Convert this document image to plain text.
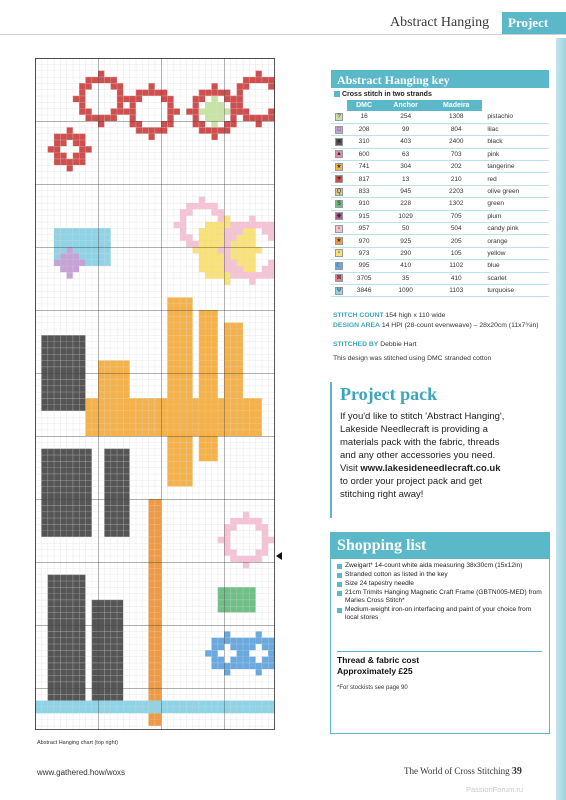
Abstract Hanging	Project
Abstract Hanging chart (top right)
Abstract Hanging key
Cross stitch in two strands
	DMC	Anchor	Madeira	
?	16	254	1308	pistachio
□	208	99	804	lilac
■	310	403	2400	black
▲	600	63	703	pink
★	741	304	202	tangerine
♥	817	13	210	red
Q	833	945	2203	olive green
$	910	228	1302	green
◆	915	1029	705	plum
♀	957	50	504	candy pink
★	970	925	205	orange
♀	973	290	105	yellow
☾	995	410	1102	blue
⊠	3705	35	410	scarlet
Ψ	3846	1090	1103	turquoise
STITCH COUNT 154 high x 110 wide
DESIGN AREA 14 HPI (28-count evenweave) – 28x20cm (11x7¾in)
STITCHED BY Debbie Hart
This design was stitched using DMC stranded cotton
Project pack
If you'd like to stitch 'Abstract Hanging', Lakeside Needlecraft is providing a materials pack with the fabric, threads and any other accessories you need. Visit www.lakesideneedlecraft.co.uk to order your project pack and get stitching right away!
Shopping list
Zweigart* 14-count white aida measuring 38x30cm (15x12in)
Stranded cotton as listed in the key
Size 24 tapestry needle
21cm Trimits Hanging Magnetic Craft Frame (GBTN005-MED) from Maries Cross Stitch*
Medium-weight iron-on interfacing and paint of your choice from local stores
Thread & fabric cost
Approximately £25
*For stockists see page 90
www.gathered.how/woxs	The World of Cross Stitching 39
PassionForum.ru
